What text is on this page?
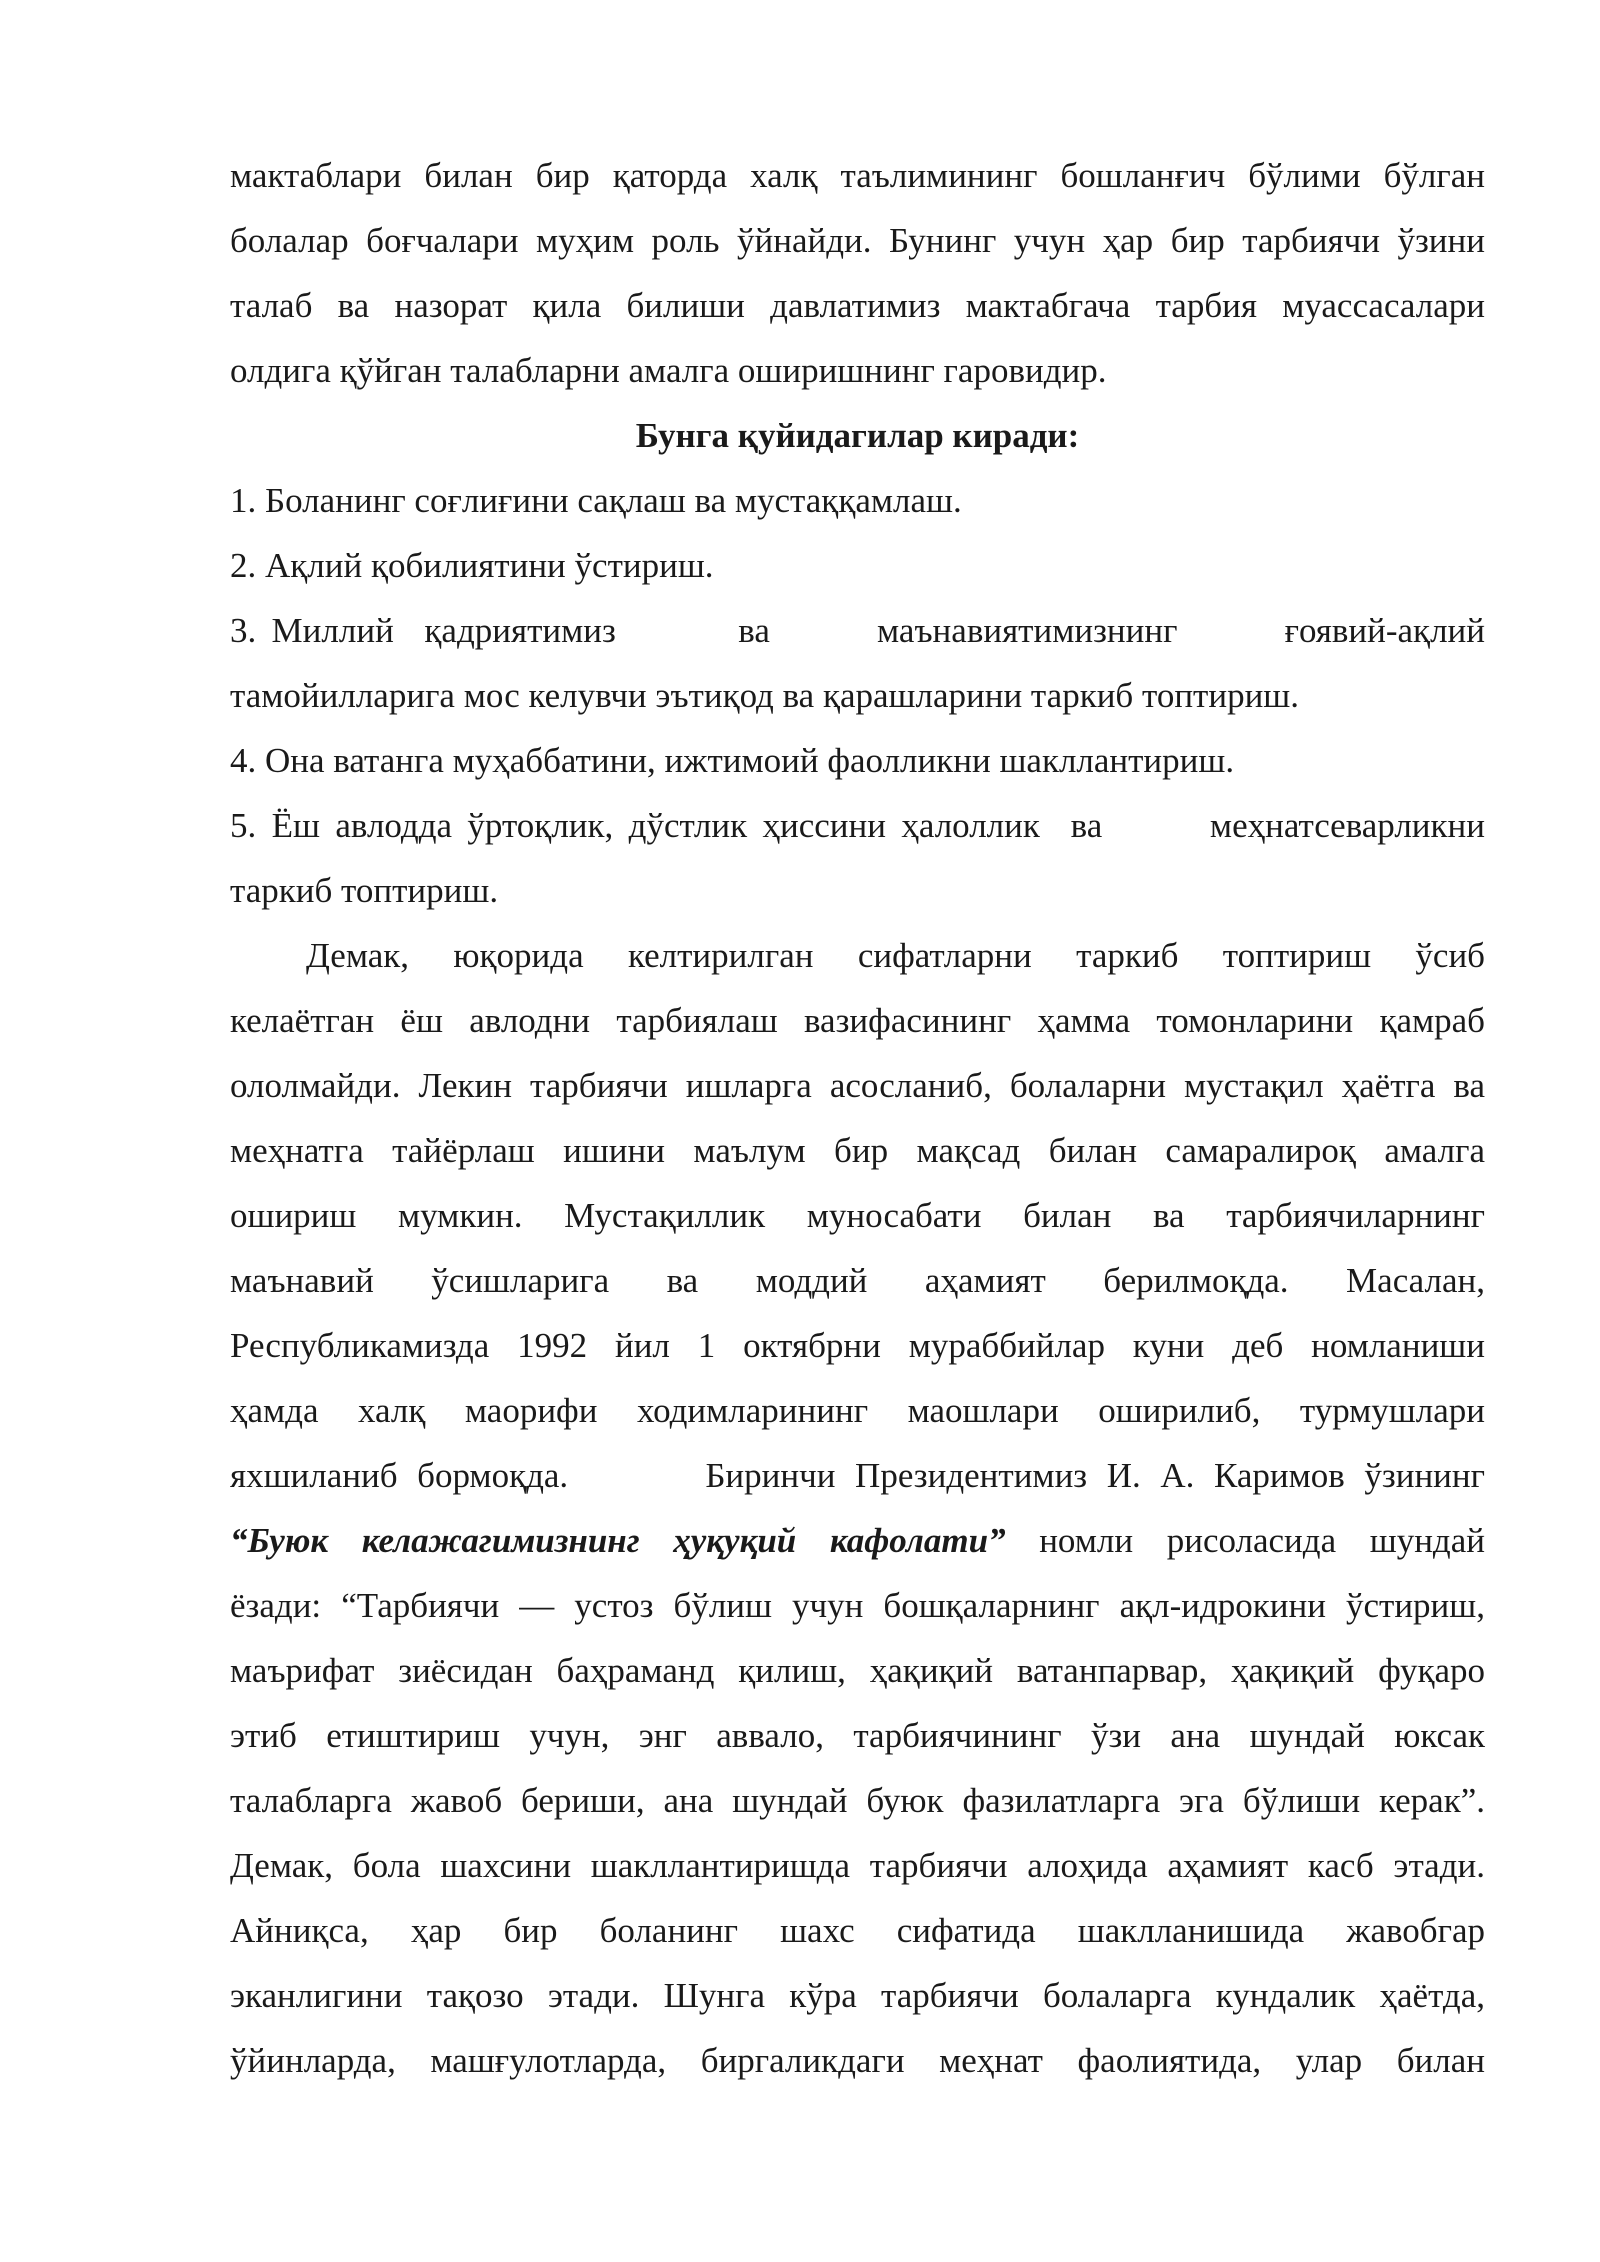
мактаблари билан бир қаторда халқ таълимининг бошланғич бўлими бўлган
болалар боғчалари муҳим роль ўйнайди. Бунинг учун ҳар бир тарбиячи ўзини
талаб ва назорат қила билиши давлатимиз мактабгача тарбия муассасалари
олдига қўйган талабларни амалга оширишнинг гаровидир.
Бунга қуйидагилар киради:
1. Боланинг соғлиғини сақлаш ва мустаққамлаш.
2. Ақлий қобилиятини ўстириш.
3. Миллий  қадриятимиз        ва       маънавиятимизнинг       ғоявий-ақлий
тамойилларига мос келувчи эътиқод ва қарашларини таркиб топтириш.
4. Она ватанга муҳаббатини, ижтимоий фаолликни шакллантириш.
5. Ёш авлодда ўртоқлик, дўстлик ҳиссини ҳалоллик  ва       меҳнатсеварликни
таркиб топтириш.
Демак, юқорида келтирилган сифатларни таркиб топтириш ўсиб
келаётган ёш авлодни тарбиялаш вазифасининг ҳамма томонларини қамраб
ололмайди. Лекин тарбиячи ишларга асосланиб, болаларни мустақил ҳаётга ва
меҳнатга тайёрлаш ишини маълум бир мақсад билан самаралироқ амалга
ошириш мумкин. Мустақиллик муносабати билан ва тарбиячиларнинг
маънавий ўсишларига ва моддий аҳамият берилмоқда. Масалан,
Республикамизда 1992 йил 1 октябрни мураббийлар куни деб номланиши
ҳамда халқ маорифи ходимларининг маошлари оширилиб, турмушлари
яхшиланиб бормоқда.       Биринчи Президентимиз И. А. Каримов ўзининг
“Буюк келажагимизнинг ҳуқуқий кафолати” номли рисоласида шундай
ёзади: “Тарбиячи — устоз бўлиш учун бошқаларнинг ақл-идрокини ўстириш,
маърифат зиёсидан баҳраманд қилиш, ҳақиқий ватанпарвар, ҳақиқий фуқаро
этиб етиштириш учун, энг аввало, тарбиячининг ўзи ана шундай юксак
талабларга жавоб бериши, ана шундай буюк фазилатларга эга бўлиши керак”.
Демак, бола шахсини шакллантиришда тарбиячи алоҳида аҳамият касб этади.
Айниқса, ҳар бир боланинг шахс сифатида шаклланишида жавобгар
эканлигини тақозо этади. Шунга кўра тарбиячи болаларга кундалик ҳаётда,
ўйинларда, машғулотларда, биргаликдаги меҳнат фаолиятида, улар билан
